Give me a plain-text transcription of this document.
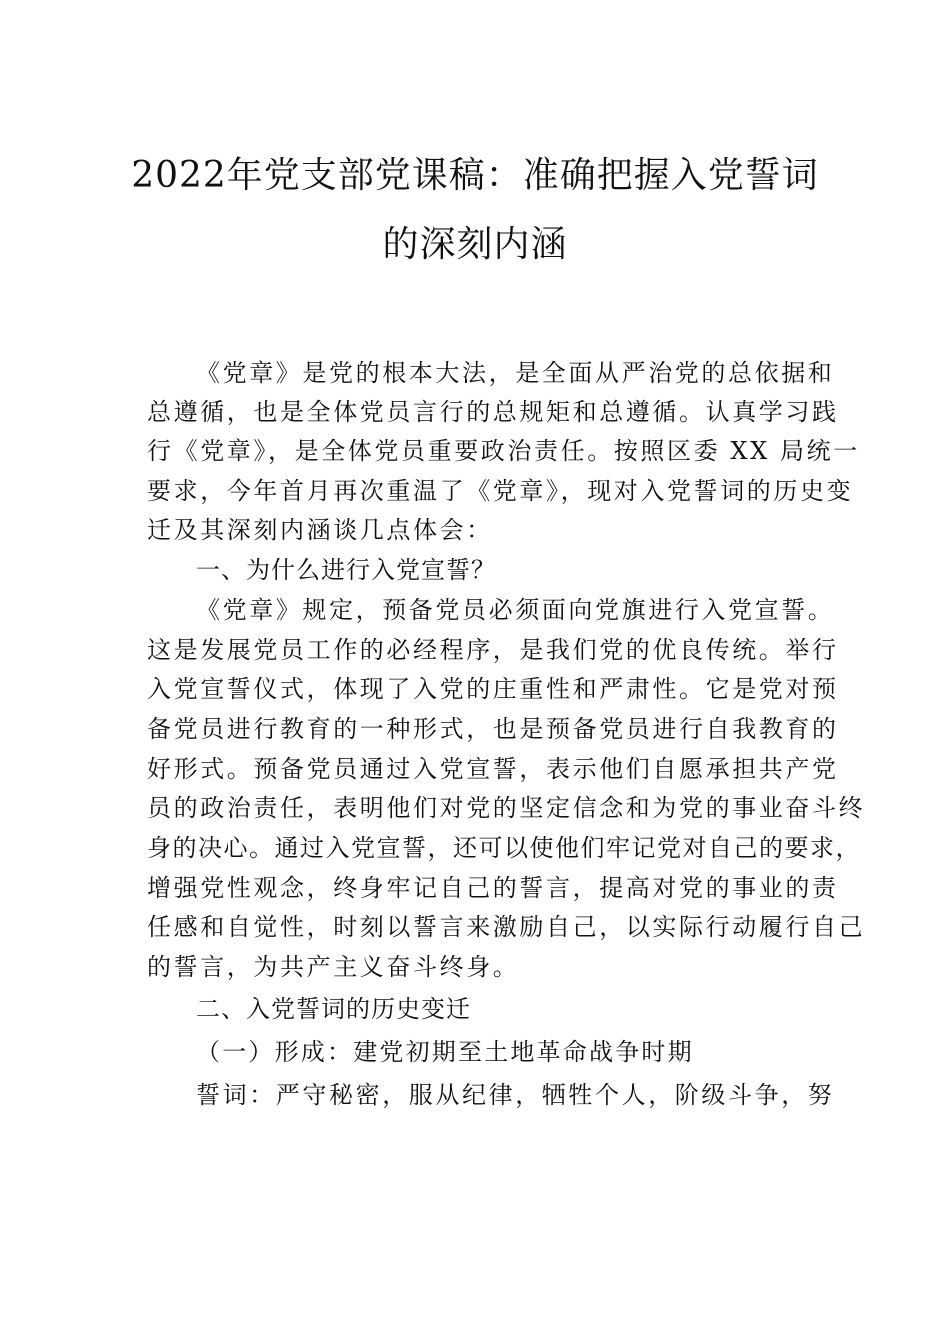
2022年党支部党课稿：准确把握入党誓词
的深刻内涵
《党章》是党的根本大法，是全面从严治党的总依据和
总遵循，也是全体党员言行的总规矩和总遵循。认真学习践
行《党章》，是全体党员重要政治责任。按照区委 XX 局统一
要求，今年首月再次重温了《党章》，现对入党誓词的历史变
迁及其深刻内涵谈几点体会：
一、为什么进行入党宣誓？
《党章》规定，预备党员必须面向党旗进行入党宣誓。
这是发展党员工作的必经程序，是我们党的优良传统。举行
入党宣誓仪式，体现了入党的庄重性和严肃性。它是党对预
备党员进行教育的一种形式，也是预备党员进行自我教育的
好形式。预备党员通过入党宣誓，表示他们自愿承担共产党
员的政治责任，表明他们对党的坚定信念和为党的事业奋斗终
身的决心。通过入党宣誓，还可以使他们牢记党对自己的要求，
增强党性观念，终身牢记自己的誓言，提高对党的事业的责
任感和自觉性，时刻以誓言来激励自己，以实际行动履行自己
的誓言，为共产主义奋斗终身。
二、入党誓词的历史变迁
（一）形成：建党初期至土地革命战争时期
誓词：严守秘密，服从纪律，牺牲个人，阶级斗争，努
